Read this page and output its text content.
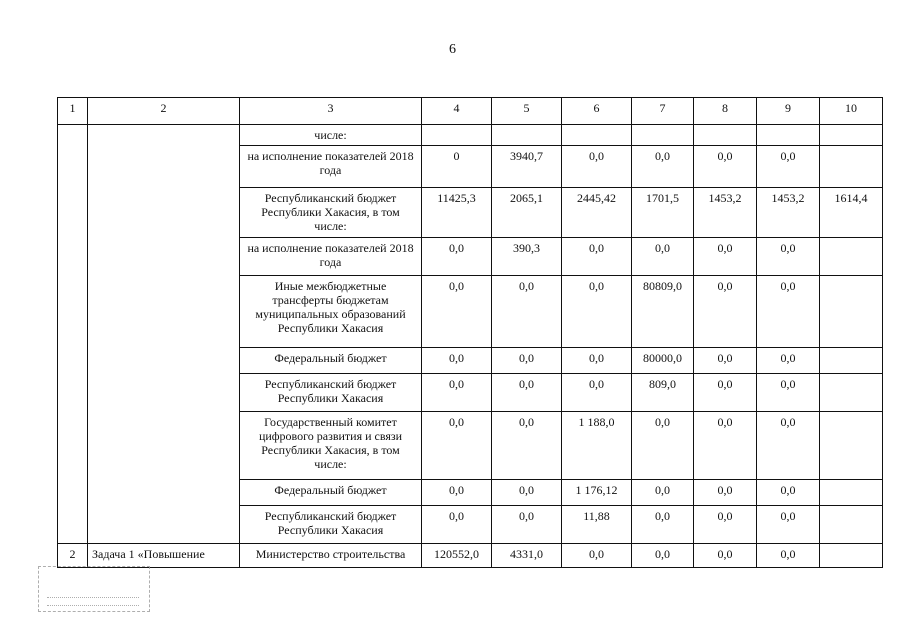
6
1	2	3	4	5	6	7	8	9	10
		числе:							
		на исполнение показателей 2018 года	0	3940,7	0,0	0,0	0,0	0,0	
		Республиканский бюджет Республики Хакасия, в том числе:	11425,3	2065,1	2445,42	1701,5	1453,2	1453,2	1614,4
		на исполнение показателей 2018 года	0,0	390,3	0,0	0,0	0,0	0,0	
		Иные межбюджетные трансферты бюджетам муниципальных образований Республики Хакасия	0,0	0,0	0,0	80809,0	0,0	0,0	
		Федеральный бюджет	0,0	0,0	0,0	80000,0	0,0	0,0	
		Республиканский бюджет Республики Хакасия	0,0	0,0	0,0	809,0	0,0	0,0	
		Государственный комитет цифрового развития и связи Республики Хакасия, в том числе:	0,0	0,0	1 188,0	0,0	0,0	0,0	
		Федеральный бюджет	0,0	0,0	1 176,12	0,0	0,0	0,0	
		Республиканский бюджет Республики Хакасия	0,0	0,0	11,88	0,0	0,0	0,0	
2	Задача 1 «Повышение	Министерство строительства	120552,0	4331,0	0,0	0,0	0,0	0,0	
